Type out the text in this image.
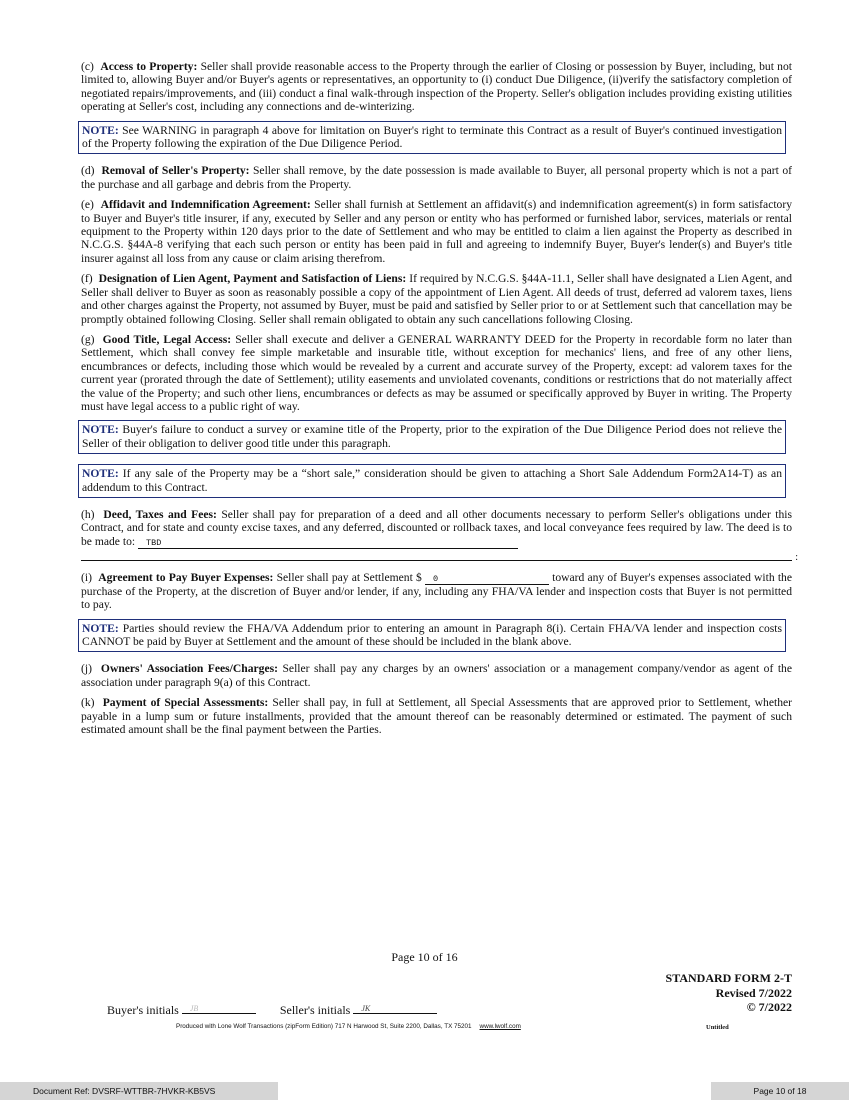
(c) Access to Property: Seller shall provide reasonable access to the Property through the earlier of Closing or possession by Buyer, including, but not limited to, allowing Buyer and/or Buyer's agents or representatives, an opportunity to (i) conduct Due Diligence, (ii)verify the satisfactory completion of negotiated repairs/improvements, and (iii) conduct a final walk-through inspection of the Property. Seller's obligation includes providing existing utilities operating at Seller's cost, including any connections and de-winterizing.

NOTE: See WARNING in paragraph 4 above for limitation on Buyer's right to terminate this Contract as a result of Buyer's continued investigation of the Property following the expiration of the Due Diligence Period.

(d) Removal of Seller's Property: Seller shall remove, by the date possession is made available to Buyer, all personal property which is not a part of the purchase and all garbage and debris from the Property.

(e) Affidavit and Indemnification Agreement: Seller shall furnish at Settlement an affidavit(s) and indemnification agreement(s) in form satisfactory to Buyer and Buyer's title insurer, if any, executed by Seller and any person or entity who has performed or furnished labor, services, materials or rental equipment to the Property within 120 days prior to the date of Settlement and who may be entitled to claim a lien against the Property as described in N.C.G.S. §44A-8 verifying that each such person or entity has been paid in full and agreeing to indemnify Buyer, Buyer's lender(s) and Buyer's title insurer against all loss from any cause or claim arising therefrom.

(f) Designation of Lien Agent, Payment and Satisfaction of Liens: If required by N.C.G.S. §44A-11.1, Seller shall have designated a Lien Agent, and Seller shall deliver to Buyer as soon as reasonably possible a copy of the appointment of Lien Agent. All deeds of trust, deferred ad valorem taxes, liens and other charges against the Property, not assumed by Buyer, must be paid and satisfied by Seller prior to or at Settlement such that cancellation may be promptly obtained following Closing. Seller shall remain obligated to obtain any such cancellations following Closing.

(g) Good Title, Legal Access: Seller shall execute and deliver a GENERAL WARRANTY DEED for the Property in recordable form no later than Settlement, which shall convey fee simple marketable and insurable title, without exception for mechanics' liens, and free of any other liens, encumbrances or defects, including those which would be revealed by a current and accurate survey of the Property, except: ad valorem taxes for the current year (prorated through the date of Settlement); utility easements and unviolated covenants, conditions or restrictions that do not materially affect the value of the Property; and such other liens, encumbrances or defects as may be assumed or specifically approved by Buyer in writing. The Property must have legal access to a public right of way.

NOTE: Buyer's failure to conduct a survey or examine title of the Property, prior to the expiration of the Due Diligence Period does not relieve the Seller of their obligation to deliver good title under this paragraph.
NOTE: If any sale of the Property may be a “short sale,” consideration should be given to attaching a Short Sale Addendum Form2A14-T) as an addendum to this Contract.

(h) Deed, Taxes and Fees: Seller shall pay for preparation of a deed and all other documents necessary to perform Seller's obligations under this Contract, and for state and county excise taxes, and any deferred, discounted or rollback taxes, and local conveyance fees required by law. The deed is to be made to: TBD

:

(i) Agreement to Pay Buyer Expenses: Seller shall pay at Settlement $ 0	toward any of Buyer's expenses associated with the purchase of the Property, at the discretion of Buyer and/or lender, if any, including any FHA/VA lender and inspection costs that Buyer is not permitted to pay.

NOTE: Parties should review the FHA/VA Addendum prior to entering an amount in Paragraph 8(i). Certain FHA/VA lender and inspection costs CANNOT be paid by Buyer at Settlement and the amount of these should be included in the blank above.

(j) Owners' Association Fees/Charges: Seller shall pay any charges by an owners' association or a management company/vendor as agent of the association under paragraph 9(a) of this Contract.

(k) Payment of Special Assessments: Seller shall pay, in full at Settlement, all Special Assessments that are approved prior to Settlement, whether payable in a lump sum or future installments, provided that the amount thereof can be reasonably determined or estimated. The payment of such estimated amount shall be the final payment between the Parties.

Page 10 of 16
STANDARD FORM 2-T
Revised 7/2022
© 7/2022
Buyer's initials JB	Seller's initials JK
Produced with Lone Wolf Transactions (zipForm Edition) 717 N Harwood St, Suite 2200, Dallas, TX 75201 www.lwolf.com	Untitled
Document Ref: DVSRF-WTTBR-7HVKR-KB5VS	Page 10 of 18
